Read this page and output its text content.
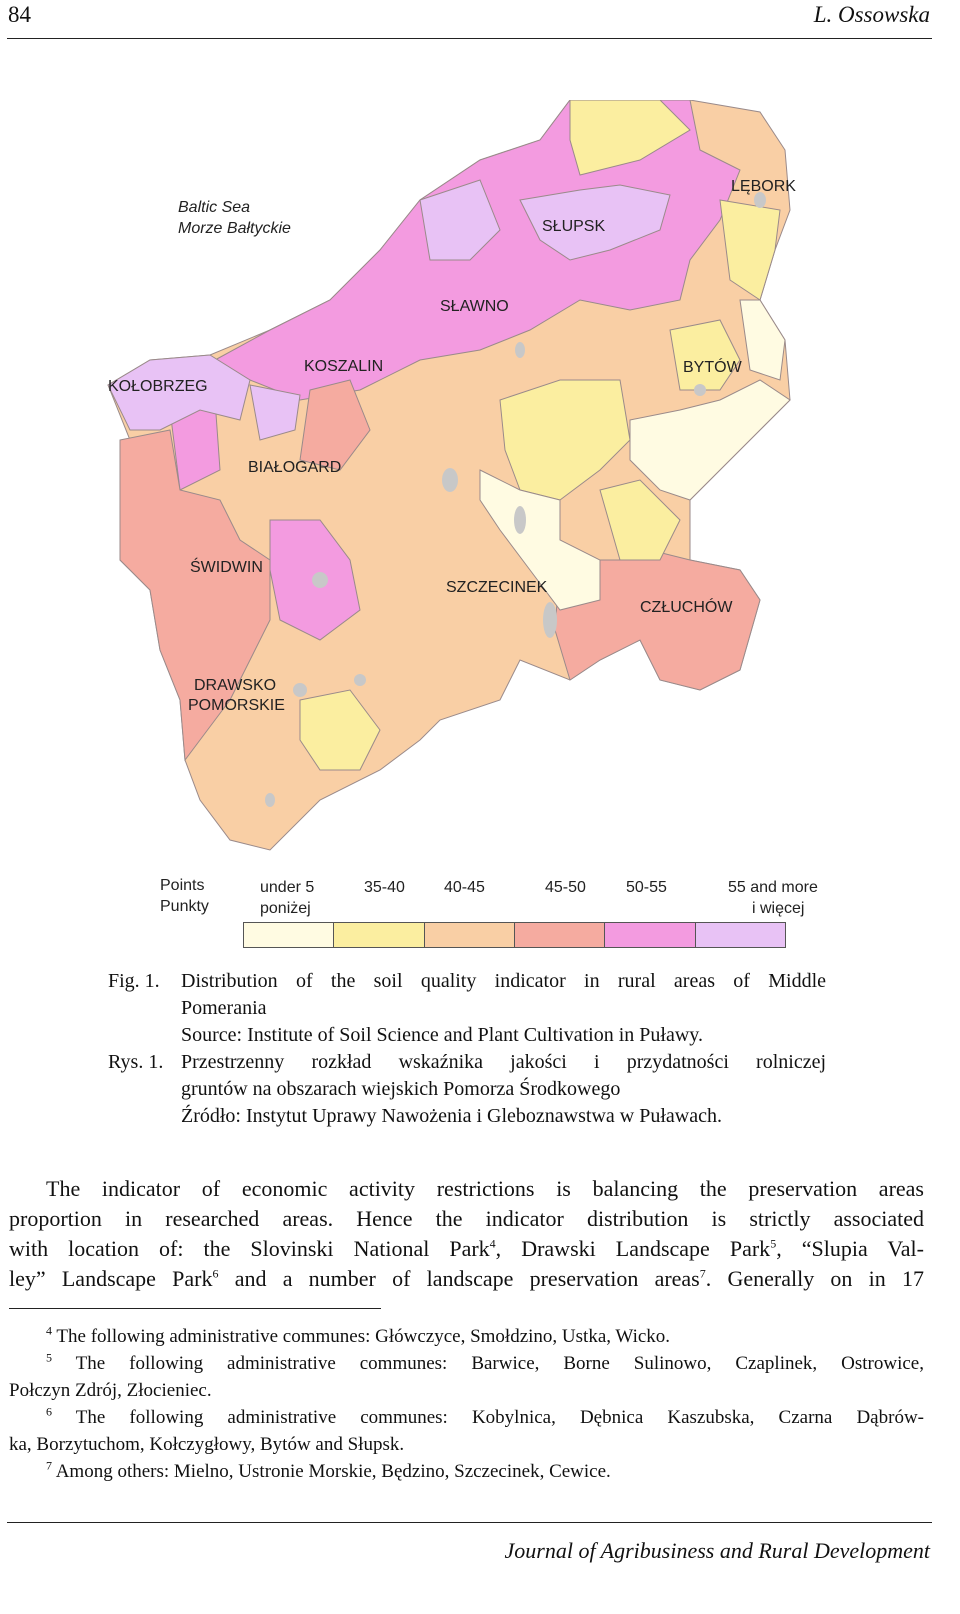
84	L. Ossowska
Baltic Sea
Morze Bałtyckie
KOŁOBRZEG
KOSZALIN
SŁAWNO
SŁUPSK
LĘBORK
BYTÓW
BIAŁOGARD
ŚWIDWIN
SZCZECINEK
CZŁUCHÓW
DRAWSKO
POMORSKIE
Points
Punkty
under 5
poniżej
35-40 40-45	45-50	50-55	55 and more
i więcej
Fig. 1. Distribution of the soil quality indicator in rural areas of Middle
Pomerania
Source: Institute of Soil Science and Plant Cultivation in Puławy.
Rys. 1. Przestrzenny rozkład wskaźnika jakości i przydatności rolniczej
gruntów na obszarach wiejskich Pomorza Środkowego
Źródło: Instytut Uprawy Nawożenia i Gleboznawstwa w Puławach.
The indicator of economic activity restrictions is balancing the preservation areas
proportion in researched areas. Hence the indicator distribution is strictly associated
with location of: the Slovinski National Park$^4$, Drawski Landscape Park$^5$, “Slupia Val-
ley” Landscape Park$^6$ and a number of landscape preservation areas$^7$. Generally on in 17
$^4$ The following administrative communes: Główczyce, Smołdzino, Ustka, Wicko.
$^5$ The following administrative communes: Barwice, Borne Sulinowo, Czaplinek, Ostrowice,
Połczyn Zdrój, Złocieniec.
$^6$ The following administrative communes: Kobylnica, Dębnica Kaszubska, Czarna Dąbrów-
ka, Borzytuchom, Kołczygłowy, Bytów and Słupsk.
$^7$ Among others: Mielno, Ustronie Morskie, Będzino, Szczecinek, Cewice.
Journal of Agribusiness and Rural Development
